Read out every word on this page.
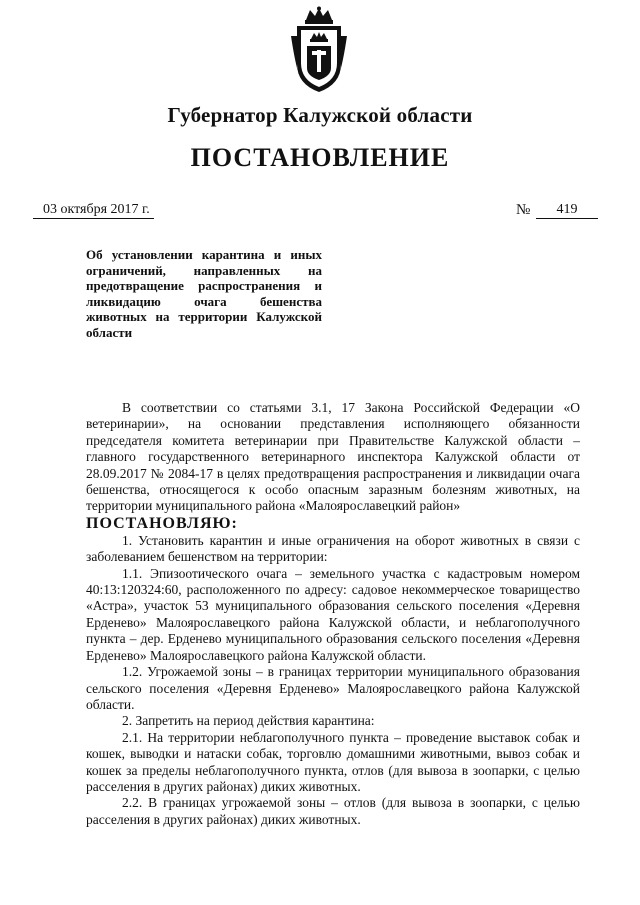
Губернатор Калужской области
ПОСТАНОВЛЕНИЕ
03 октября 2017 г.	№	419
Об установлении карантина и иных ограничений, направленных на предотвращение распространения и ликвидацию очага бешенства животных на территории Калужской области

В соответствии со статьями 3.1, 17 Закона Российской Федерации «О ветеринарии», на основании представления исполняющего обязанности председателя комитета ветеринарии при Правительстве Калужской области – главного государственного ветеринарного инспектора Калужской области от 28.09.2017 № 2084-17 в целях предотвращения распространения и ликвидации очага бешенства, относящегося к особо опасным заразным болезням животных, на территории муниципального района «Малоярославецкий район»

ПОСТАНОВЛЯЮ:

1. Установить карантин и иные ограничения на оборот животных в связи с заболеванием бешенством на территории:

1.1. Эпизоотического очага – земельного участка с кадастровым номером 40:13:120324:60, расположенного по адресу: садовое некоммерческое товарищество «Астра», участок 53 муниципального образования сельского поселения «Деревня Ерденево» Малоярославецкого района Калужской области, и неблагополучного пункта – дер. Ерденево муниципального образования сельского поселения «Деревня Ерденево» Малоярославецкого района Калужской области.

1.2. Угрожаемой зоны – в границах территории муниципального образования сельского поселения «Деревня Ерденево» Малоярославецкого района Калужской области.

2. Запретить на период действия карантина:

2.1. На территории неблагополучного пункта – проведение выставок собак и кошек, выводки и натаски собак, торговлю домашними животными, вывоз собак и кошек за пределы неблагополучного пункта, отлов (для вывоза в зоопарки, с целью расселения в других районах) диких животных.

2.2. В границах угрожаемой зоны – отлов (для вывоза в зоопарки, с целью расселения в других районах) диких животных.
